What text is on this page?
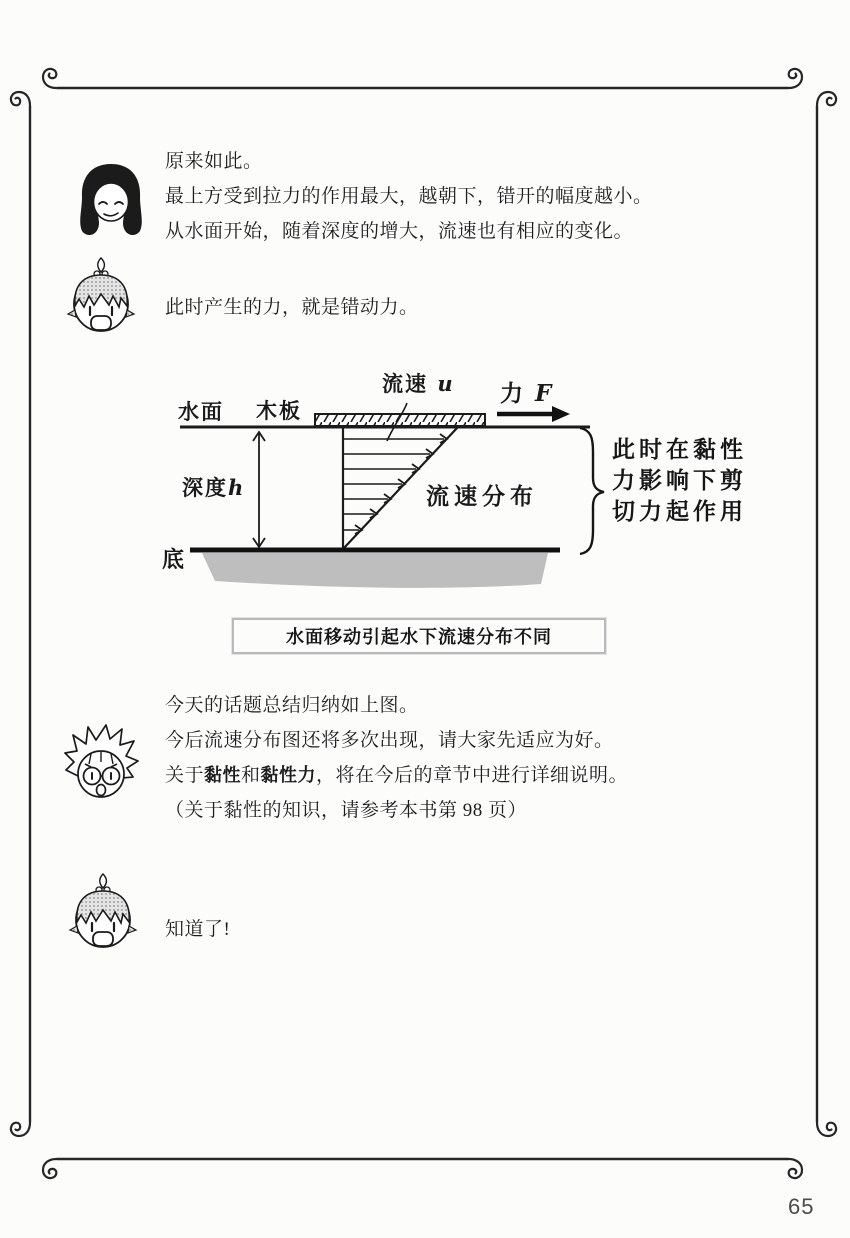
原来如此。
最上方受到拉力的作用最大，越朝下，错开的幅度越小。
从水面开始，随着深度的增大，流速也有相应的变化。
此时产生的力，就是错动力。
水面 木板
流速 u 力 F
深度h	流速分布
底
此时在黏性
力影响下剪
切力起作用
水面移动引起水下流速分布不同
今天的话题总结归纳如上图。
今后流速分布图还将多次出现，请大家先适应为好。
关于黏性和黏性力，将在今后的章节中进行详细说明。
（关于黏性的知识，请参考本书第 98 页）
知道了!
65
